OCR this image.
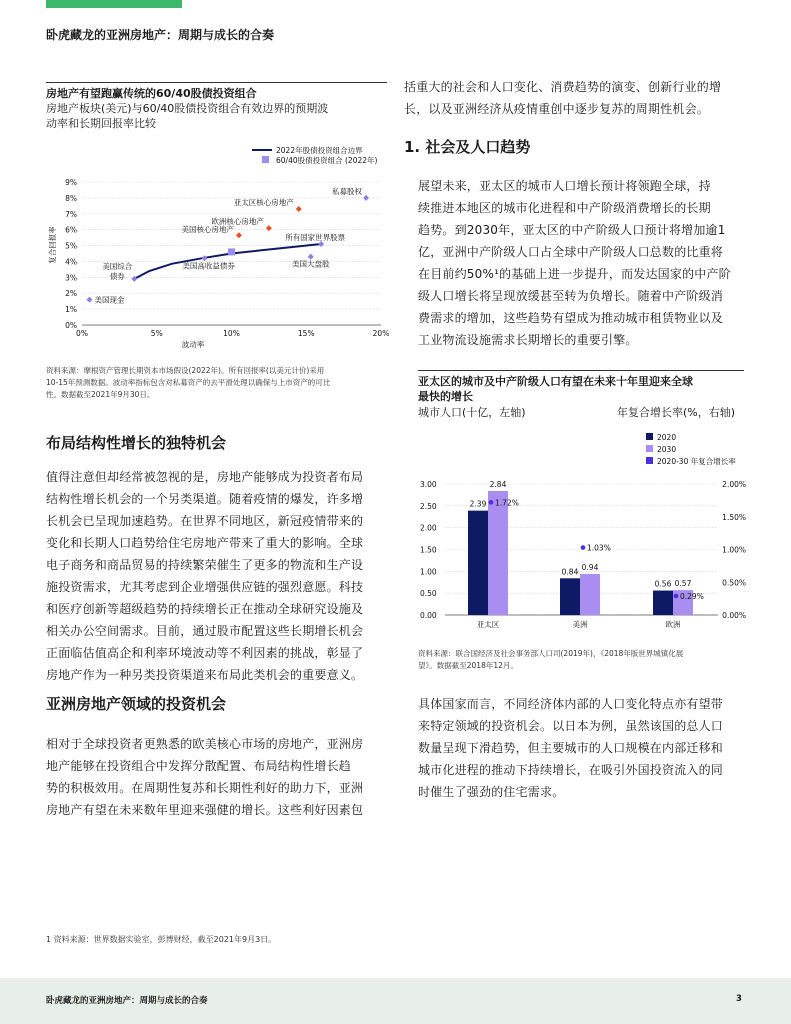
卧虎藏龙的亚洲房地产：周期与成长的合奏
房地产有望跑赢传统的60/40股债投资组合
房地产板块(美元)与60/40股债投资组合有效边界的预期波
动率和长期回报率比较
2022年股债投资组合边界
60/40股债投资组合 (2022年)
0%
1%
2%
3%
4%
5%
6%
7%
8%
9%
0%	5%	10%	15%	20%
私募股权
亚太区核心房地产
欧洲核心房地产
美国核心房地产
所有国家世界股票
美国大盘股
美国高收益债券
美国综合
债券
美国现金
波动率
复合回报率
资料来源：摩根资产管理长期资本市场假设(2022年)。所有回报率(以美元计价)采用
10-15年预测数据。波动率指标包含对私募资产的去平滑处理以确保与上市资产的可比
性。数据截至2021年9月30日。
布局结构性增长的独特机会
值得注意但却经常被忽视的是，房地产能够成为投资者布局
结构性增长机会的一个另类渠道。随着疫情的爆发，许多增
长机会已呈现加速趋势。在世界不同地区，新冠疫情带来的
变化和长期人口趋势给住宅房地产带来了重大的影响。全球
电子商务和商品贸易的持续繁荣催生了更多的物流和生产设
施投资需求，尤其考虑到企业增强供应链的强烈意愿。科技
和医疗创新等超级趋势的持续增长正在推动全球研究设施及
相关办公空间需求。目前，通过股市配置这些长期增长机会
正面临估值高企和利率环境波动等不利因素的挑战，彰显了
房地产作为一种另类投资渠道来布局此类机会的重要意义。
亚洲房地产领域的投资机会
相对于全球投资者更熟悉的欧美核心市场的房地产，亚洲房
地产能够在投资组合中发挥分散配置、布局结构性增长趋
势的积极效用。在周期性复苏和长期性利好的助力下，亚洲
房地产有望在未来数年里迎来强健的增长。这些利好因素包
括重大的社会和人口变化、消费趋势的演变、创新行业的增
长，以及亚洲经济从疫情重创中逐步复苏的周期性机会。
1. 社会及人口趋势
展望未来，亚太区的城市人口增长预计将领跑全球，持
续推进本地区的城市化进程和中产阶级消费增长的长期
趋势。到2030年，亚太区的中产阶级人口预计将增加逾1
亿，亚洲中产阶级人口占全球中产阶级人口总数的比重将
在目前约50%¹的基础上进一步提升，而发达国家的中产阶
级人口增长将呈现放缓甚至转为负增长。随着中产阶级消
费需求的增加，这些趋势有望成为推动城市租赁物业以及
工业物流设施需求长期增长的重要引擎。
亚太区的城市及中产阶级人口有望在未来十年里迎来全球
最快的增长
城市人口(十亿，左轴)	年复合增长率(%，右轴)
2020
2030
2020-30 年复合增长率
0.00
0.50
1.00
1.50
2.00
2.50
3.00
0.00%
0.50%
1.00%
1.50%
2.00%
2.39
2.84
0.84 0.94
0.56 0.57
1.72%
1.03%
0.29%
亚太区	美洲	欧洲
资料来源：联合国经济及社会事务部人口司(2019年)，《2018年版世界城镇化展
望》。数据截至2018年12月。
具体国家而言，不同经济体内部的人口变化特点亦有望带
来特定领域的投资机会。以日本为例，虽然该国的总人口
数量呈现下滑趋势，但主要城市的人口规模在内部迁移和
城市化进程的推动下持续增长，在吸引外国投资流入的同
时催生了强劲的住宅需求。
1 资料来源：世界数据实验室，彭博财经，截至2021年9月3日。
卧虎藏龙的亚洲房地产：周期与成长的合奏	3
